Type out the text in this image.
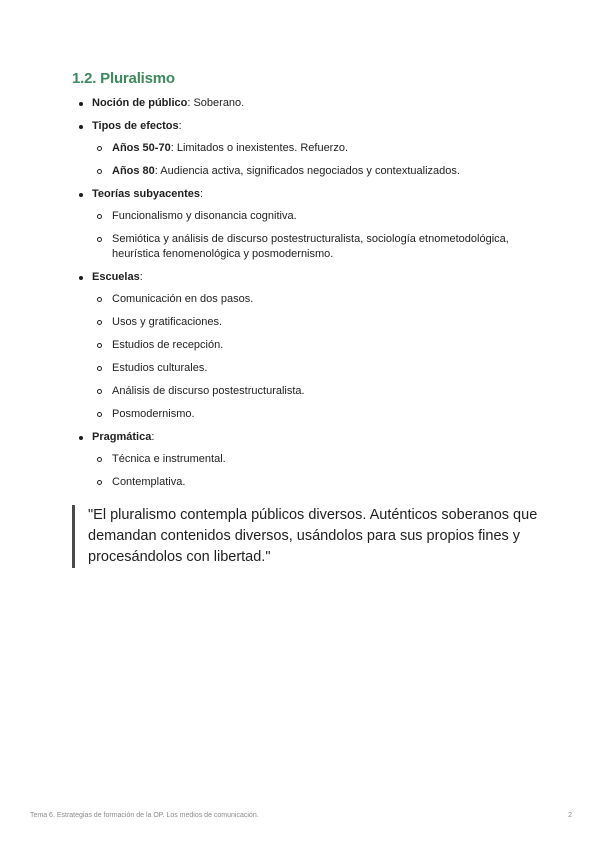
1.2. Pluralismo
Noción de público: Soberano.
Tipos de efectos:
Años 50-70: Limitados o inexistentes. Refuerzo.
Años 80: Audiencia activa, significados negociados y contextualizados.
Teorías subyacentes:
Funcionalismo y disonancia cognitiva.
Semiótica y análisis de discurso postestructuralista, sociología etnometodológica, heurística fenomenológica y posmodernismo.
Escuelas:
Comunicación en dos pasos.
Usos y gratificaciones.
Estudios de recepción.
Estudios culturales.
Análisis de discurso postestructuralista.
Posmodernismo.
Pragmática:
Técnica e instrumental.
Contemplativa.
"El pluralismo contempla públicos diversos. Auténticos soberanos que demandan contenidos diversos, usándolos para sus propios fines y procesándolos con libertad."
Tema 6. Estrategias de formación de la OP. Los medios de comunicación.	2
